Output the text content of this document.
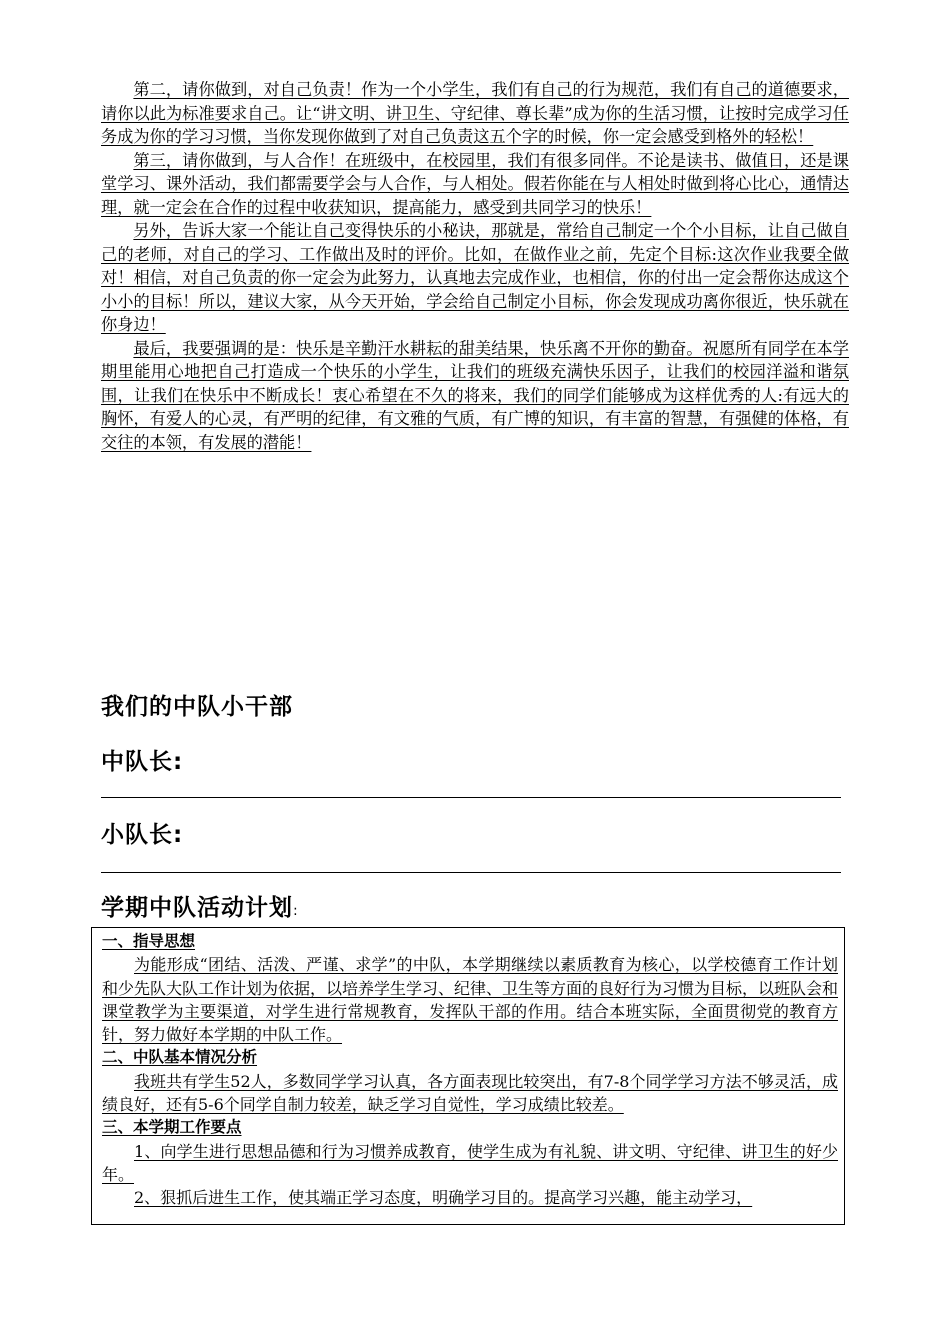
第二，请你做到，对自己负责！作为一个小学生，我们有自己的行为规范，我们有自己的道德要求，请你以此为标准要求自己。让“讲文明、讲卫生、守纪律、尊长辈”成为你的生活习惯，让按时完成学习任务成为你的学习习惯，当你发现你做到了对自己负责这五个字的时候，你一定会感受到格外的轻松！

第三，请你做到，与人合作！在班级中，在校园里，我们有很多同伴。不论是读书、做值日，还是课堂学习、课外活动，我们都需要学会与人合作，与人相处。假若你能在与人相处时做到将心比心，通情达理，就一定会在合作的过程中收获知识，提高能力，感受到共同学习的快乐！

另外，告诉大家一个能让自己变得快乐的小秘诀，那就是，常给自己制定一个个小目标，让自己做自己的老师，对自己的学习、工作做出及时的评价。比如，在做作业之前，先定个目标:这次作业我要全做对！相信，对自己负责的你一定会为此努力，认真地去完成作业，也相信，你的付出一定会帮你达成这个小小的目标！所以，建议大家，从今天开始，学会给自己制定小目标，你会发现成功离你很近，快乐就在你身边！

最后，我要强调的是：快乐是辛勤汗水耕耘的甜美结果，快乐离不开你的勤奋。祝愿所有同学在本学期里能用心地把自己打造成一个快乐的小学生，让我们的班级充满快乐因子，让我们的校园洋溢和谐氛围，让我们在快乐中不断成长！衷心希望在不久的将来，我们的同学们能够成为这样优秀的人:有远大的胸怀，有爱人的心灵，有严明的纪律，有文雅的气质，有广博的知识，有丰富的智慧，有强健的体格，有交往的本领，有发展的潜能！

我们的中队小干部
中队长:
小队长:
学期中队活动计划:
一、指导思想

为能形成“团结、活泼、严谨、求学”的中队，本学期继续以素质教育为核心，以学校德育工作计划和少先队大队工作计划为依据，以培养学生学习、纪律、卫生等方面的良好行为习惯为目标，以班队会和课堂教学为主要渠道，对学生进行常规教育，发挥队干部的作用。结合本班实际，全面贯彻党的教育方针，努力做好本学期的中队工作。

二、中队基本情况分析

我班共有学生52人，多数同学学习认真，各方面表现比较突出，有7-8个同学学习方法不够灵活，成绩良好，还有5-6个同学自制力较差，缺乏学习自觉性，学习成绩比较差。

三、本学期工作要点

1、向学生进行思想品德和行为习惯养成教育，使学生成为有礼貌、讲文明、守纪律、讲卫生的好少年。

2、狠抓后进生工作，使其端正学习态度，明确学习目的。提高学习兴趣，能主动学习，
